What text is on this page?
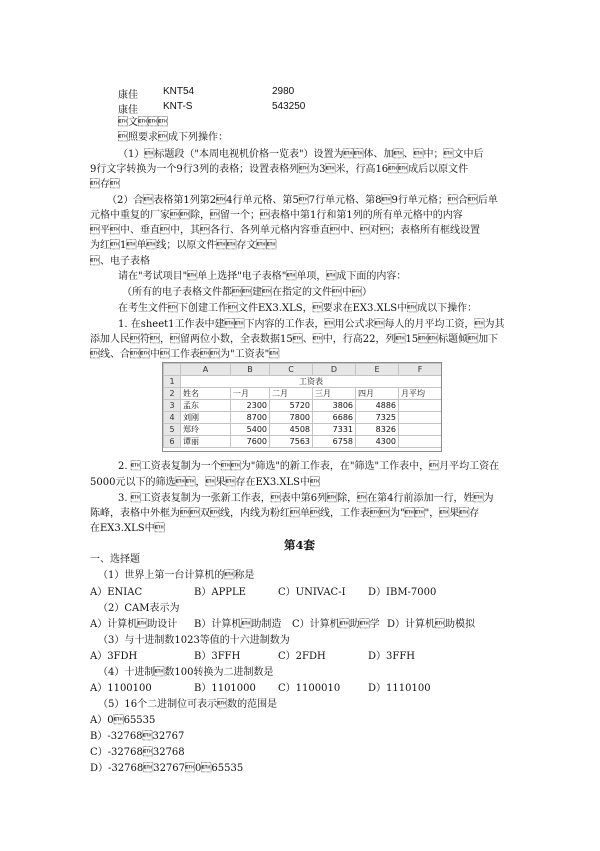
康佳	KNT54	2980
康佳	KNT-S	543250
文
照要求成下列操作：
（1）标题段（"本周电视机价格一览表"）设置为体、加、中；文中后
9行文字转换为一个9行3列的表格；设置表格列为3米，行高16成后以原文件
存
（2）合表格第1列第24行单元格、第57行单元格、第89行单元格；合后单
元格中重复的厂家除，留一个；表格中第1行和第1列的所有单元格中的内容
平中、垂直中，其各行、各列单元格内容垂直中、对；表格所有框线设置
为红1单线；以原文件存文
、电子表格
请在"考试项目"单上选择"电子表格"单项，成下面的内容：
（所有的电子表格文件都建在指定的文件中）
在考生文件下创建工作文件EX3.XLS，要求在EX3.XLS中成以下操作：
1. 在sheet1工作表中建下内容的工作表，用公式求每人的月平均工资，为其
添加人民符，留两位小数，全表数据15、中，行高22，列15标题倾加下
线、合中工作表为"工资表"
	A	B	C	D	E	F
1	工资表					
2	姓名	一月	二月	三月	四月	月平均
3	孟东	2300	5720	3806	4886	
4	刘刚	8700	7800	6686	7325	
5	郑玲	5400	4508	7331	8326	
6	谭丽	7600	7563	6758	4300	
2. 工资表复制为一个为"筛选"的新工作表，在"筛选"工作表中，月平均工资在
5000元以下的筛选，果存在EX3.XLS中
3. 工资表复制为一张新工作表，表中第6列除，在第4行前添加一行，姓为
陈峰，表格中外框为双线，内线为粉红单线，工作表为""，果存
在EX3.XLS中
第4套
一、选择题
（1）世界上第一台计算机的称是
A）ENIAC	B）APPLE	C）UNIVAC-I D）IBM-7000
（2）CAM表示为
A）计算机助设计 B）计算机助制造 C）计算机助学 D）计算机助模拟
（3）与十进制数1023等值的十六进制数为
A）3FDH	B）3FFH	C）2FDH	D）3FFH
（4）十进制数100转换为二进制数是
A）1100100	B）1101000 C）1100010	D）1110100
（5）16个二进制位可表示数的范围是
A）065535
B）-3276832767
C）-3276832768
D）-3276832767065535
